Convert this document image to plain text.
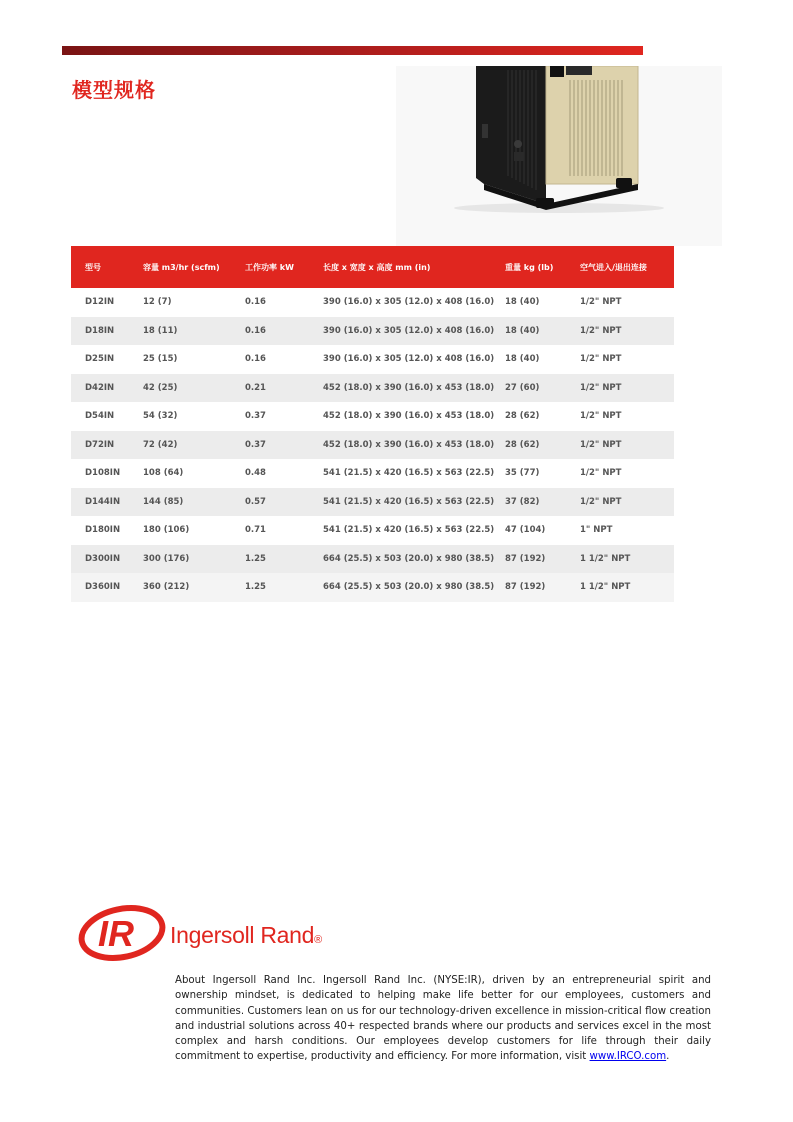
模型规格
型号	容量 m3/hr (scfm)	工作功率 kW	长度 x 宽度 x 高度 mm (in)	重量 kg (lb)	空气进入/退出连接
D12IN	12 (7)	0.16	390 (16.0) x 305 (12.0) x 408 (16.0)	18 (40)	1/2" NPT
D18IN	18 (11)	0.16	390 (16.0) x 305 (12.0) x 408 (16.0)	18 (40)	1/2" NPT
D25IN	25 (15)	0.16	390 (16.0) x 305 (12.0) x 408 (16.0)	18 (40)	1/2" NPT
D42IN	42 (25)	0.21	452 (18.0) x 390 (16.0) x 453 (18.0)	27 (60)	1/2" NPT
D54IN	54 (32)	0.37	452 (18.0) x 390 (16.0) x 453 (18.0)	28 (62)	1/2" NPT
D72IN	72 (42)	0.37	452 (18.0) x 390 (16.0) x 453 (18.0)	28 (62)	1/2" NPT
D108IN	108 (64)	0.48	541 (21.5) x 420 (16.5) x 563 (22.5)	35 (77)	1/2" NPT
D144IN	144 (85)	0.57	541 (21.5) x 420 (16.5) x 563 (22.5)	37 (82)	1/2" NPT
D180IN	180 (106)	0.71	541 (21.5) x 420 (16.5) x 563 (22.5)	47 (104)	1" NPT
D300IN	300 (176)	1.25	664 (25.5) x 503 (20.0) x 980 (38.5)	87 (192)	1 1/2" NPT
D360IN	360 (212)	1.25	664 (25.5) x 503 (20.0) x 980 (38.5)	87 (192)	1 1/2" NPT
IR Ingersoll Rand®

About Ingersoll Rand Inc. Ingersoll Rand Inc. (NYSE:IR), driven by an entrepreneurial spirit and ownership mindset, is dedicated to helping make life better for our employees, customers and communities. Customers lean on us for our technology-driven excellence in mission-critical flow creation and industrial solutions across 40+ respected brands where our products and services excel in the most complex and harsh conditions. Our employees develop customers for life through their daily commitment to expertise, productivity and efficiency. For more information, visit www.IRCO.com.
